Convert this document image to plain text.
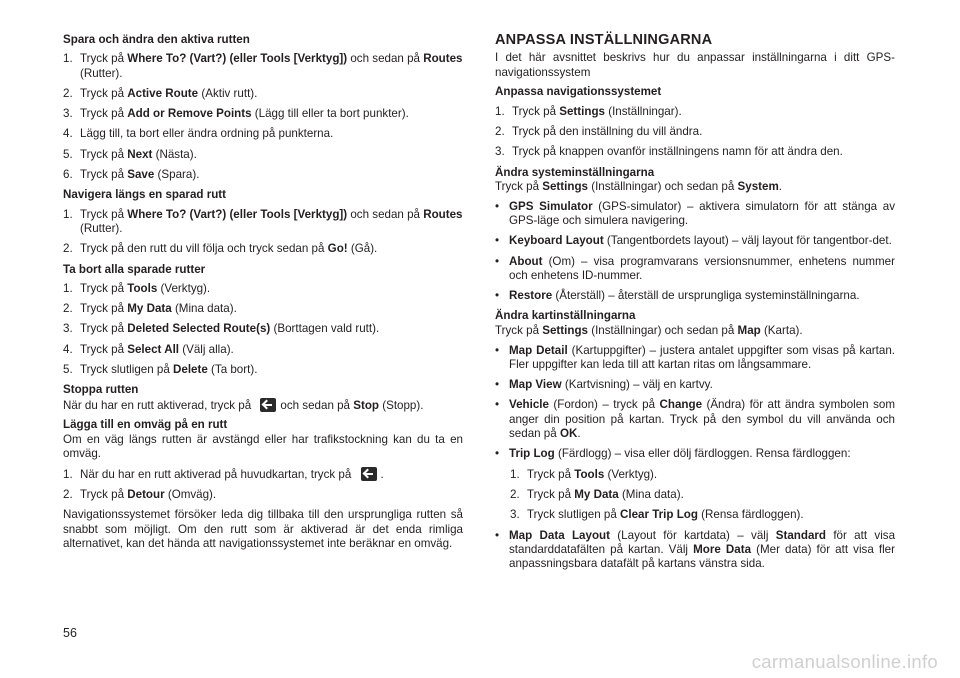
Spara och ändra den aktiva rutten
1. Tryck på Where To? (Vart?) (eller Tools [Verktyg]) och sedan på Routes (Rutter).
2. Tryck på Active Route (Aktiv rutt).
3. Tryck på Add or Remove Points (Lägg till eller ta bort punkter).
4. Lägg till, ta bort eller ändra ordning på punkterna.
5. Tryck på Next (Nästa).
6. Tryck på Save (Spara).
Navigera längs en sparad rutt
1. Tryck på Where To? (Vart?) (eller Tools [Verktyg]) och sedan på Routes (Rutter).
2. Tryck på den rutt du vill följa och tryck sedan på Go! (Gå).
Ta bort alla sparade rutter
1. Tryck på Tools (Verktyg).
2. Tryck på My Data (Mina data).
3. Tryck på Deleted Selected Route(s) (Borttagen vald rutt).
4. Tryck på Select All (Välj alla).
5. Tryck slutligen på Delete (Ta bort).
Stoppa rutten
När du har en rutt aktiverad, tryck på och sedan på Stop (Stopp).
Lägga till en omväg på en rutt
Om en väg längs rutten är avstängd eller har trafikstockning kan du ta en omväg.
1. När du har en rutt aktiverad på huvudkartan, tryck på .
2. Tryck på Detour (Omväg).
Navigationssystemet försöker leda dig tillbaka till den ursprungliga rutten så snabbt som möjligt. Om den rutt som är aktiverad är det enda rimliga alternativet, kan det hända att navigationssystemet inte beräknar en omväg.
ANPASSA INSTÄLLNINGARNA
I det här avsnittet beskrivs hur du anpassar inställningarna i ditt GPS-navigationssystem
Anpassa navigationssystemet
1. Tryck på Settings (Inställningar).
2. Tryck på den inställning du vill ändra.
3. Tryck på knappen ovanför inställningens namn för att ändra den.
Ändra systeminställningarna
Tryck på Settings (Inställningar) och sedan på System.
• GPS Simulator (GPS-simulator) – aktivera simulatorn för att stänga av GPS-läge och simulera navigering.
• Keyboard Layout (Tangentbordets layout) – välj layout för tangentbor-det.
• About (Om) – visa programvarans versionsnummer, enhetens nummer och enhetens ID-nummer.
• Restore (Återställ) – återställ de ursprungliga systeminställningarna.
Ändra kartinställningarna
Tryck på Settings (Inställningar) och sedan på Map (Karta).
• Map Detail (Kartuppgifter) – justera antalet uppgifter som visas på kartan. Fler uppgifter kan leda till att kartan ritas om långsammare.
• Map View (Kartvisning) – välj en kartvy.
• Vehicle (Fordon) – tryck på Change (Ändra) för att ändra symbolen som anger din position på kartan. Tryck på den symbol du vill använda och sedan på OK.
• Trip Log (Färdlogg) – visa eller dölj färdloggen. Rensa färdloggen:
1. Tryck på Tools (Verktyg).
2. Tryck på My Data (Mina data).
3. Tryck slutligen på Clear Trip Log (Rensa färdloggen).
• Map Data Layout (Layout för kartdata) – välj Standard för att visa standarddatafälten på kartan. Välj More Data (Mer data) för att visa fler anpassningsbara datafält på kartans vänstra sida.
56
carmanualsonline.info
